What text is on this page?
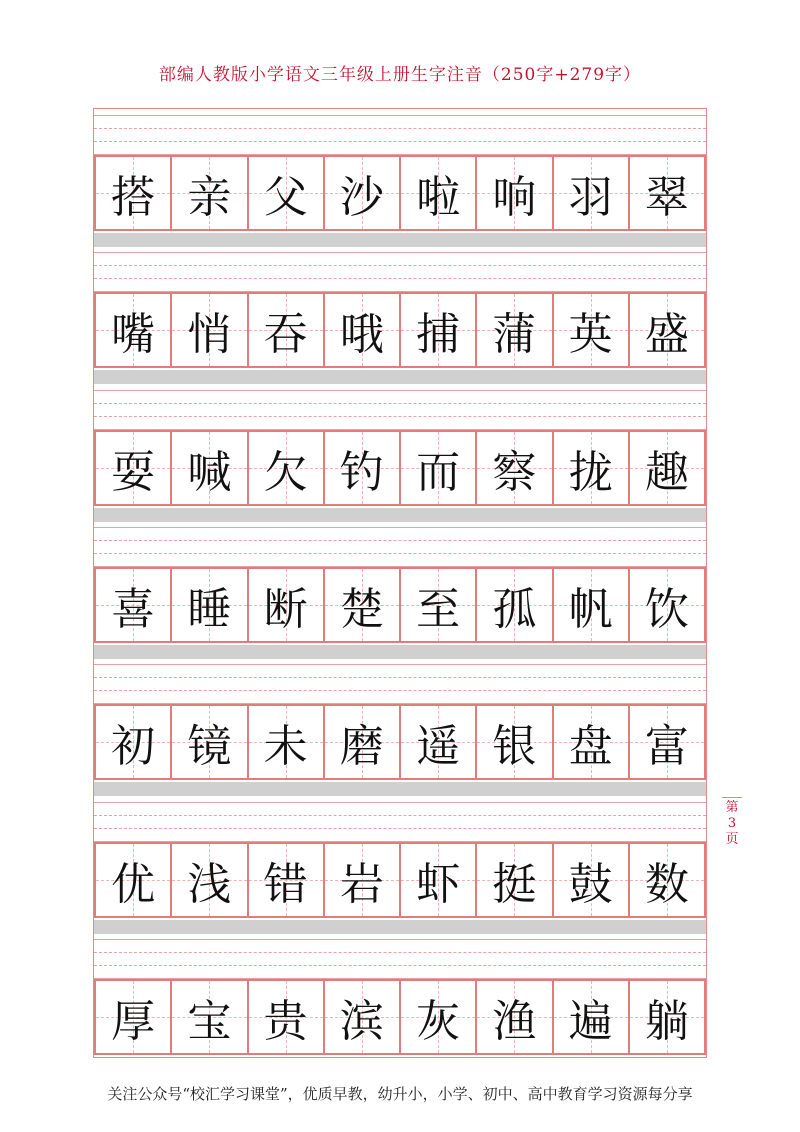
部编人教版小学语文三年级上册生字注音（250字+279字）
搭 亲 父 沙 啦 响 羽 翠
嘴 悄 吞 哦 捕 蒲 英 盛
耍 喊 欠 钓 而 察 拢 趣
喜 睡 断 楚 至 孤 帆 饮
初 镜 未 磨 遥 银 盘 富
优 浅 错 岩 虾 挺 鼓 数
厚 宝 贵 滨 灰 渔 遍 躺
第
3
页
关注公众号“校汇学习课堂”，优质早教，幼升小，小学、初中、高中教育学习资源每分享
